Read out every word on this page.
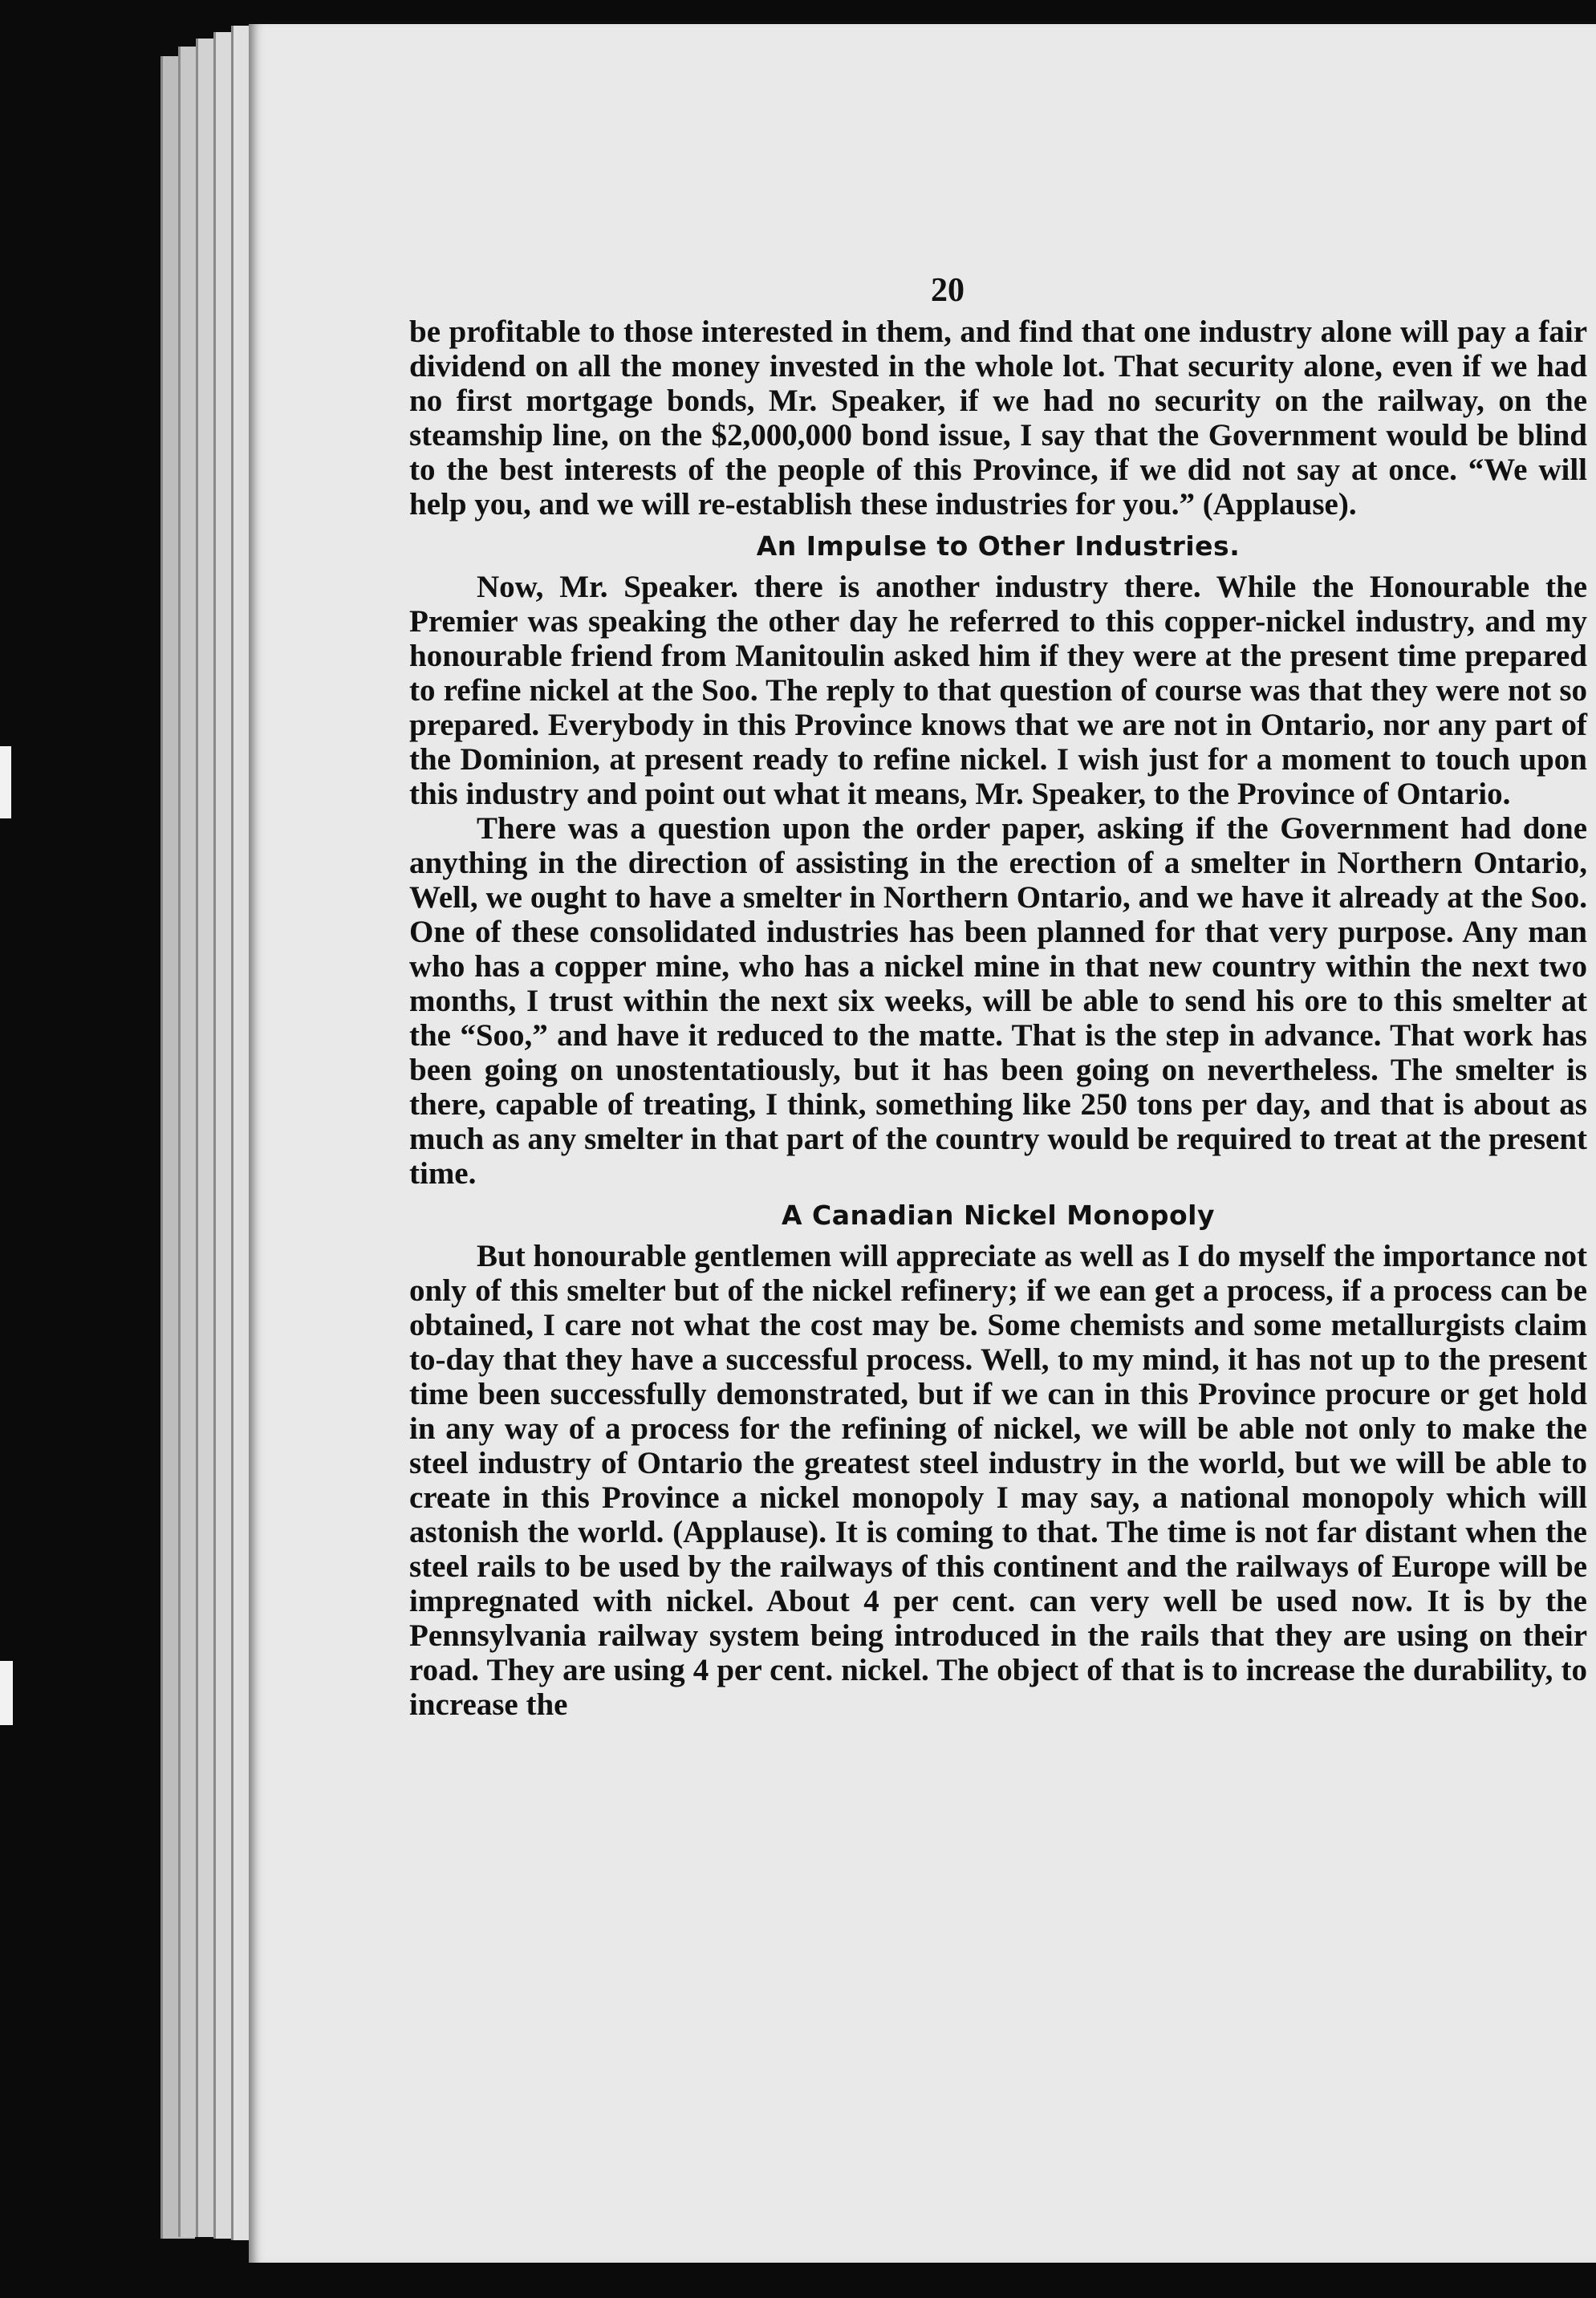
20

be profitable to those interested in them, and find that one industry alone will pay a fair dividend on all the money invested in the whole lot. That security alone, even if we had no first mortgage bonds, Mr. Speaker, if we had no security on the railway, on the steamship line, on the $2,000,000 bond issue, I say that the Government would be blind to the best interests of the people of this Province, if we did not say at once. “We will help you, and we will re-establish these industries for you.” (Applause).

An Impulse to Other Industries.

Now, Mr. Speaker. there is another industry there. While the Honourable the Premier was speaking the other day he referred to this copper-nickel industry, and my honourable friend from Manitoulin asked him if they were at the present time prepared to refine nickel at the Soo. The reply to that question of course was that they were not so prepared. Everybody in this Province knows that we are not in Ontario, nor any part of the Dominion, at present ready to refine nickel. I wish just for a moment to touch upon this industry and point out what it means, Mr. Speaker, to the Province of Ontario.

There was a question upon the order paper, asking if the Government had done anything in the direction of assisting in the erection of a smelter in Northern Ontario, Well, we ought to have a smelter in Northern Ontario, and we have it already at the Soo. One of these consolidated industries has been planned for that very purpose. Any man who has a copper mine, who has a nickel mine in that new country within the next two months, I trust within the next six weeks, will be able to send his ore to this smelter at the “Soo,” and have it reduced to the matte. That is the step in advance. That work has been going on unostentatiously, but it has been going on nevertheless. The smelter is there, capable of treating, I think, something like 250 tons per day, and that is about as much as any smelter in that part of the country would be required to treat at the present time.

A Canadian Nickel Monopoly

But honourable gentlemen will appreciate as well as I do myself the importance not only of this smelter but of the nickel refinery; if we ean get a process, if a process can be obtained, I care not what the cost may be. Some chemists and some metallurgists claim to-day that they have a successful process. Well, to my mind, it has not up to the present time been successfully demonstrated, but if we can in this Province procure or get hold in any way of a process for the refining of nickel, we will be able not only to make the steel industry of Ontario the greatest steel industry in the world, but we will be able to create in this Province a nickel monopoly I may say, a national monopoly which will astonish the world. (Applause). It is coming to that. The time is not far distant when the steel rails to be used by the railways of this continent and the railways of Europe will be impregnated with nickel. About 4 per cent. can very well be used now. It is by the Pennsylvania railway system being introduced in the rails that they are using on their road. They are using 4 per cent. nickel. The object of that is to increase the durability, to increase the
